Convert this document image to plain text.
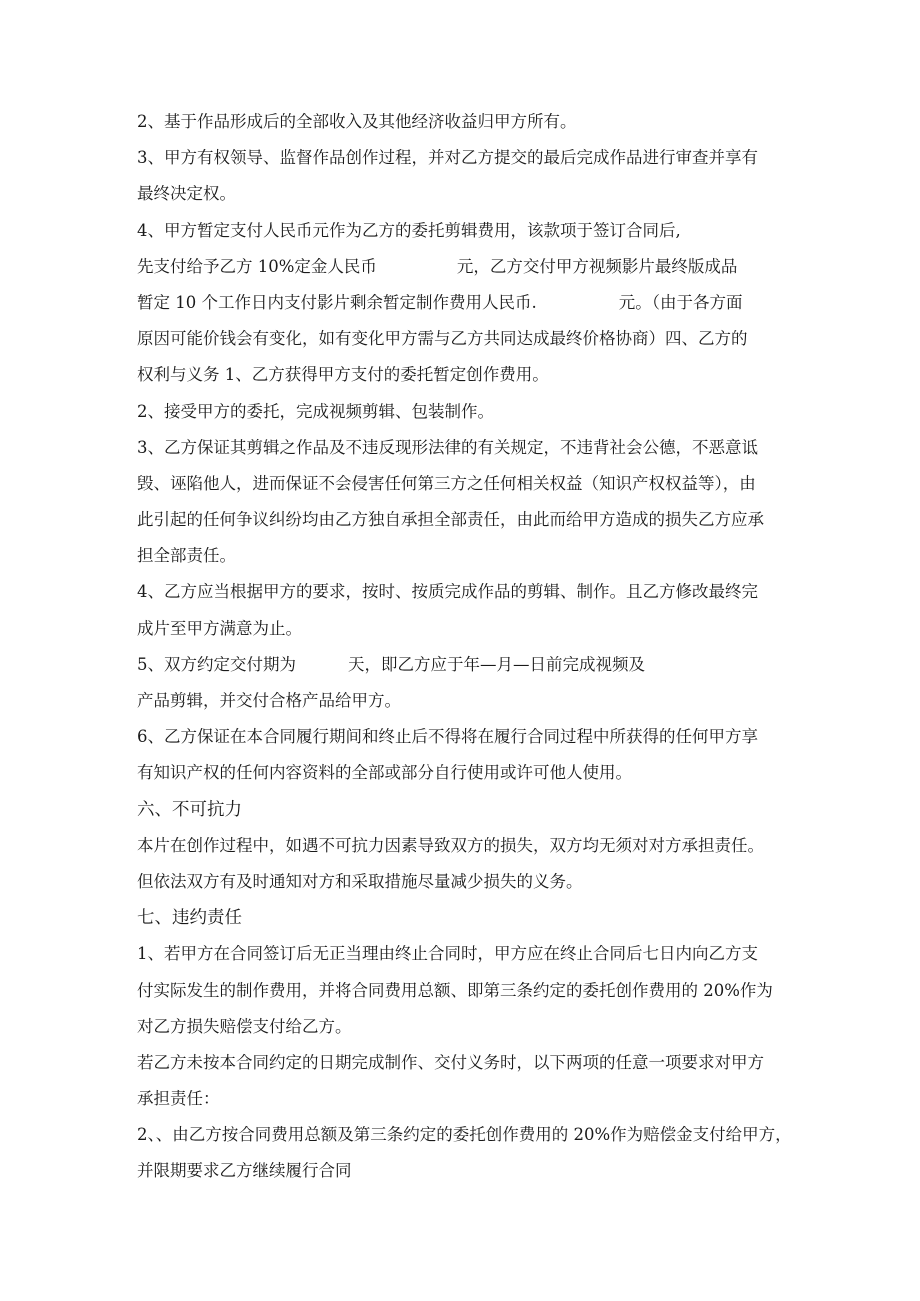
2、基于作品形成后的全部收入及其他经济收益归甲方所有。
3、甲方有权领导、监督作品创作过程，并对乙方提交的最后完成作品进行审查并享有
最终决定权。
4、甲方暂定支付人民币元作为乙方的委托剪辑费用，该款项于签订合同后,
先支付给予乙方 10%定金人民币	元，乙方交付甲方视频影片最终版成品
暂定 10 个工作日内支付影片剩余暂定制作费用人民币.	元。（由于各方面
原因可能价钱会有变化，如有变化甲方需与乙方共同达成最终价格协商）四、乙方的
权利与义务 1、乙方获得甲方支付的委托暂定创作费用。
2、接受甲方的委托，完成视频剪辑、包装制作。
3、乙方保证其剪辑之作品及不违反现形法律的有关规定，不违背社会公德，不恶意诋
毁、诬陷他人，进而保证不会侵害任何第三方之任何相关权益（知识产权权益等），由
此引起的任何争议纠纷均由乙方独自承担全部责任，由此而给甲方造成的损失乙方应承
担全部责任。
4、乙方应当根据甲方的要求，按时、按质完成作品的剪辑、制作。且乙方修改最终完
成片至甲方满意为止。
5、双方约定交付期为	天，即乙方应于年—月—日前完成视频及
产品剪辑，并交付合格产品给甲方。
6、乙方保证在本合同履行期间和终止后不得将在履行合同过程中所获得的任何甲方享
有知识产权的任何内容资料的全部或部分自行使用或许可他人使用。
六、不可抗力
本片在创作过程中，如遇不可抗力因素导致双方的损失，双方均无须对对方承担责任。
但依法双方有及时通知对方和采取措施尽量减少损失的义务。
七、违约责任
1、若甲方在合同签订后无正当理由终止合同时，甲方应在终止合同后七日内向乙方支
付实际发生的制作费用，并将合同费用总额、即第三条约定的委托创作费用的 20%作为
对乙方损失赔偿支付给乙方。
若乙方未按本合同约定的日期完成制作、交付义务时，以下两项的任意一项要求对甲方
承担责任：
2、、由乙方按合同费用总额及第三条约定的委托创作费用的 20%作为赔偿金支付给甲方，
并限期要求乙方继续履行合同
